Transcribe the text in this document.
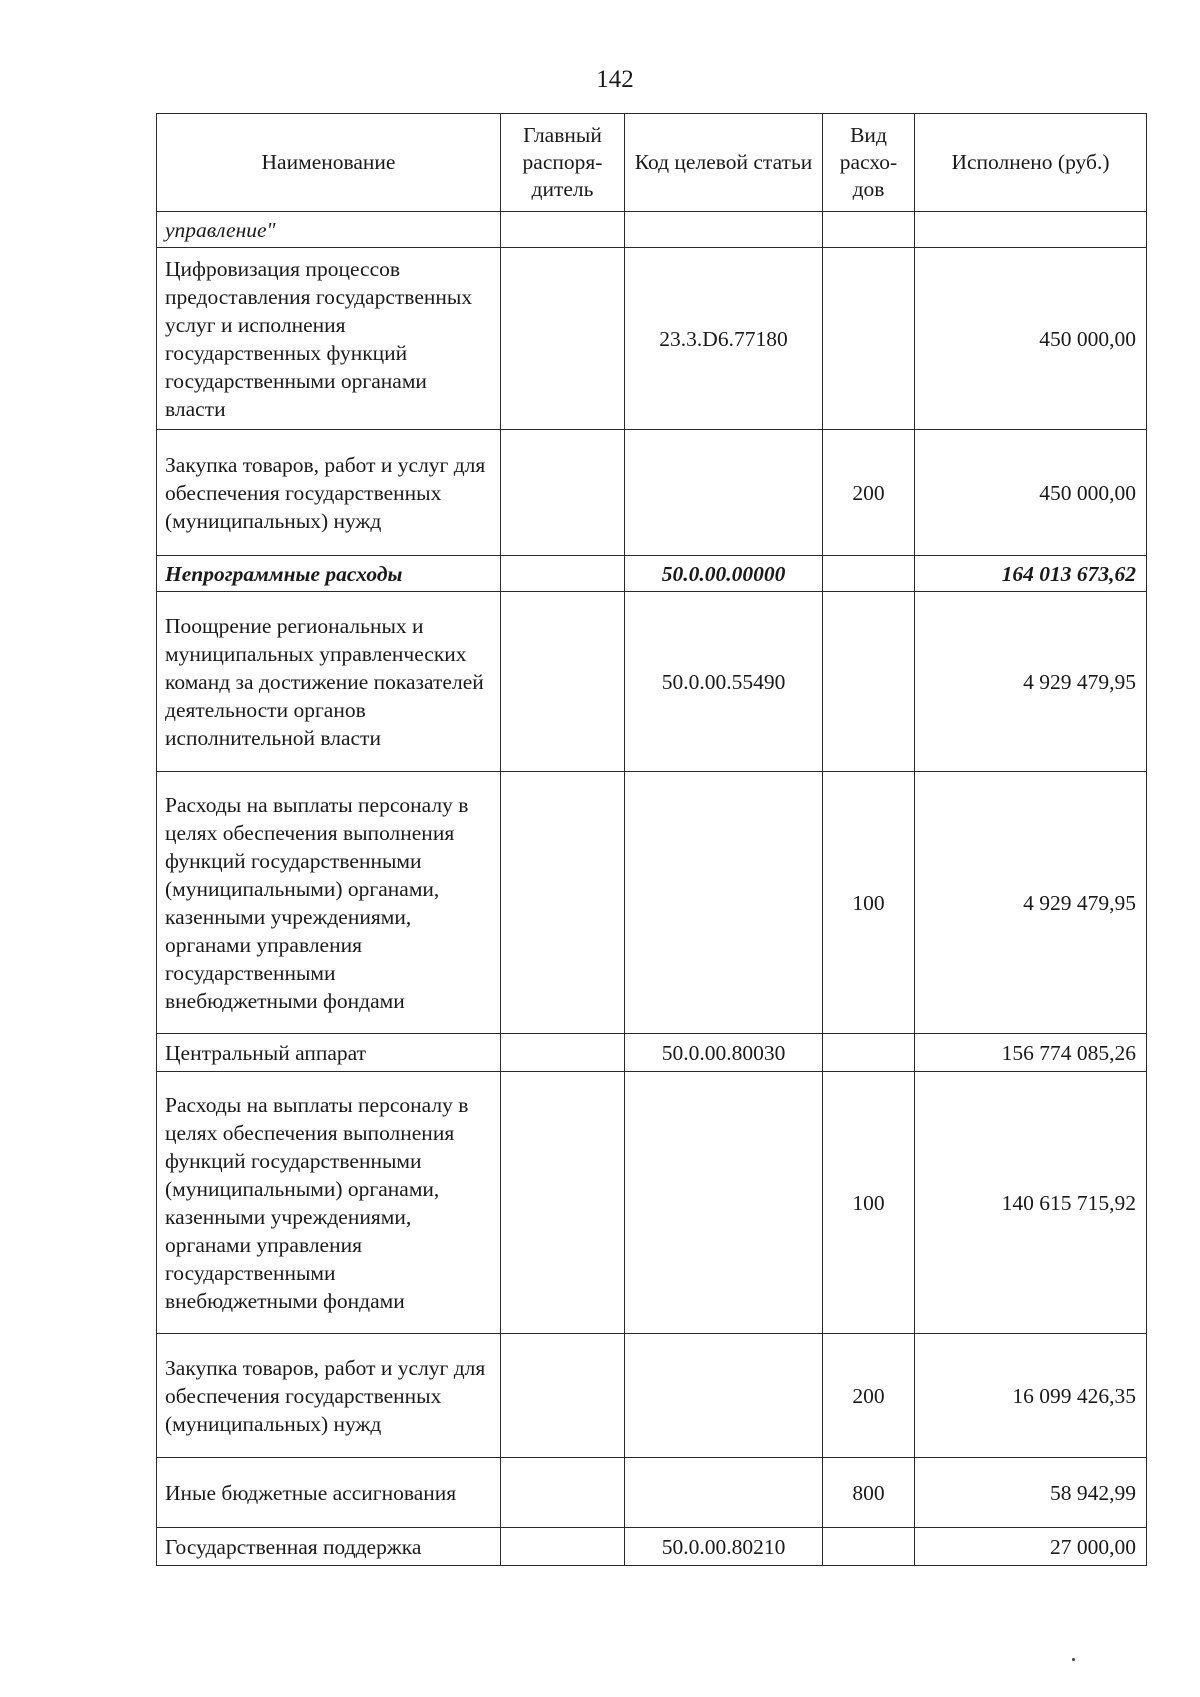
142
Наименование	Главный распоря-дитель	Код целевой статьи	Вид расхо-дов	Исполнено (руб.)
управление"				
Цифровизация процессов предоставления государственных услуг и исполнения государственных функций государственными органами власти		23.3.D6.77180		450 000,00
Закупка товаров, работ и услуг для обеспечения государственных (муниципальных) нужд			200	450 000,00
Непрограммные расходы		50.0.00.00000		164 013 673,62
Поощрение региональных и муниципальных управленческих команд за достижение показателей деятельности органов исполнительной власти		50.0.00.55490		4 929 479,95
Расходы на выплаты персоналу в целях обеспечения выполнения функций государственными (муниципальными) органами, казенными учреждениями, органами управления государственными внебюджетными фондами			100	4 929 479,95
Центральный аппарат		50.0.00.80030		156 774 085,26
Расходы на выплаты персоналу в целях обеспечения выполнения функций государственными (муниципальными) органами, казенными учреждениями, органами управления государственными внебюджетными фондами			100	140 615 715,92
Закупка товаров, работ и услуг для обеспечения государственных (муниципальных) нужд			200	16 099 426,35
Иные бюджетные ассигнования			800	58 942,99
Государственная поддержка		50.0.00.80210		27 000,00
